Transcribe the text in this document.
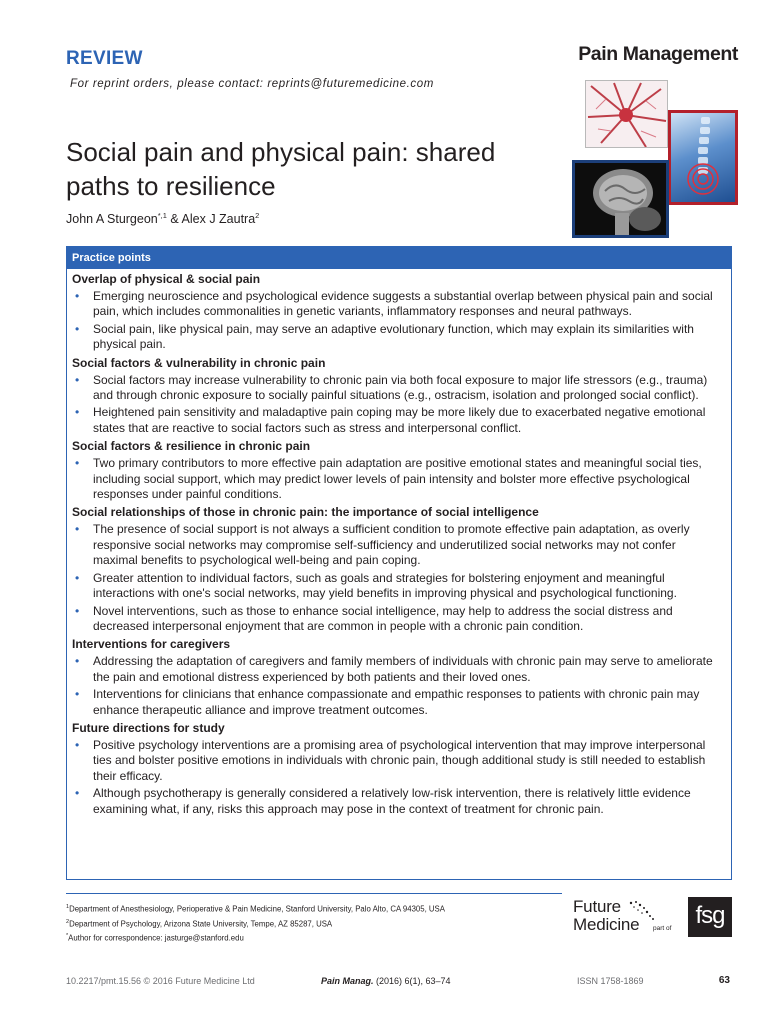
REVIEW
For reprint orders, please contact: reprints@futuremedicine.com
Pain Management
Social pain and physical pain: shared paths to resilience
John A Sturgeon$^{*,1}$ & Alex J Zautra$^2$
Practice points
Overlap of physical & social pain
• Emerging neuroscience and psychological evidence suggests a substantial overlap between physical pain and social pain, which includes commonalities in genetic variants, inflammatory responses and neural pathways.
• Social pain, like physical pain, may serve an adaptive evolutionary function, which may explain its similarities with physical pain.
Social factors & vulnerability in chronic pain
• Social factors may increase vulnerability to chronic pain via both focal exposure to major life stressors (e.g., trauma) and through chronic exposure to socially painful situations (e.g., ostracism, isolation and prolonged social conflict).
• Heightened pain sensitivity and maladaptive pain coping may be more likely due to exacerbated negative emotional states that are reactive to social factors such as stress and interpersonal conflict.
Social factors & resilience in chronic pain
• Two primary contributors to more effective pain adaptation are positive emotional states and meaningful social ties, including social support, which may predict lower levels of pain intensity and bolster more effective psychological responses under painful conditions.
Social relationships of those in chronic pain: the importance of social intelligence
• The presence of social support is not always a sufficient condition to promote effective pain adaptation, as overly responsive social networks may compromise self-sufficiency and underutilized social networks may not confer maximal benefits to psychological well-being and pain coping.
• Greater attention to individual factors, such as goals and strategies for bolstering enjoyment and meaningful interactions with one's social networks, may yield benefits in improving physical and psychological functioning.
• Novel interventions, such as those to enhance social intelligence, may help to address the social distress and decreased interpersonal enjoyment that are common in people with a chronic pain condition.
Interventions for caregivers
• Addressing the adaptation of caregivers and family members of individuals with chronic pain may serve to ameliorate the pain and emotional distress experienced by both patients and their loved ones.
• Interventions for clinicians that enhance compassionate and empathic responses to patients with chronic pain may enhance therapeutic alliance and improve treatment outcomes.
Future directions for study
• Positive psychology interventions are a promising area of psychological intervention that may improve interpersonal ties and bolster positive emotions in individuals with chronic pain, though additional study is still needed to establish their efficacy.
• Although psychotherapy is generally considered a relatively low-risk intervention, there is relatively little evidence examining what, if any, risks this approach may pose in the context of treatment for chronic pain.
$^1$Department of Anesthesiology, Perioperative & Pain Medicine, Stanford University, Palo Alto, CA 94305, USA
$^2$Department of Psychology, Arizona State University, Tempe, AZ 85287, USA
*Author for correspondence: jasturge@stanford.edu
Future
Medicine part of	fsg
10.2217/pmt.15.56 © 2016 Future Medicine Ltd	Pain Manag. (2016) 6(1), 63–74	ISSN 1758-1869	63
